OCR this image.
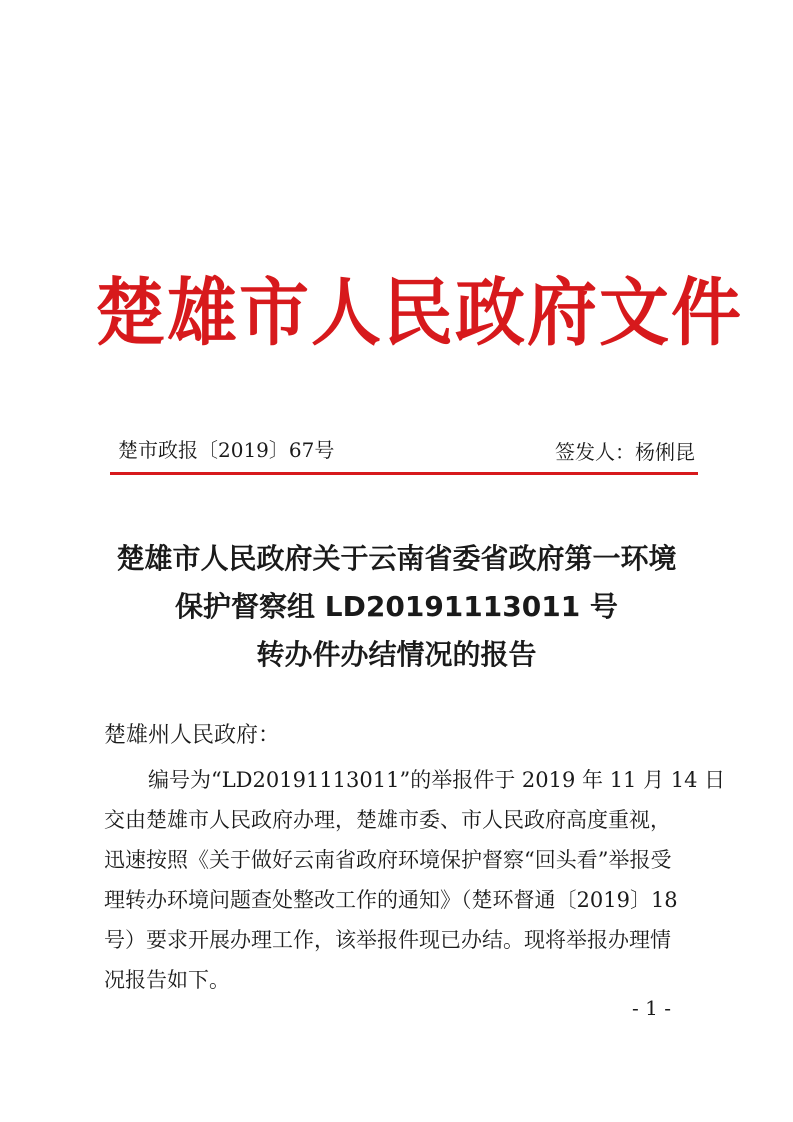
楚雄市人民政府文件
楚市政报〔2019〕67号	签发人：杨俐昆
楚雄市人民政府关于云南省委省政府第一环境
保护督察组 LD20191113011 号
转办件办结情况的报告
楚雄州人民政府：
编号为“LD20191113011”的举报件于 2019 年 11 月 14 日
交由楚雄市人民政府办理，楚雄市委、市人民政府高度重视，
迅速按照《关于做好云南省政府环境保护督察“回头看”举报受
理转办环境问题查处整改工作的通知》（楚环督通〔2019〕18
号）要求开展办理工作，该举报件现已办结。现将举报办理情
况报告如下。
- 1 -
